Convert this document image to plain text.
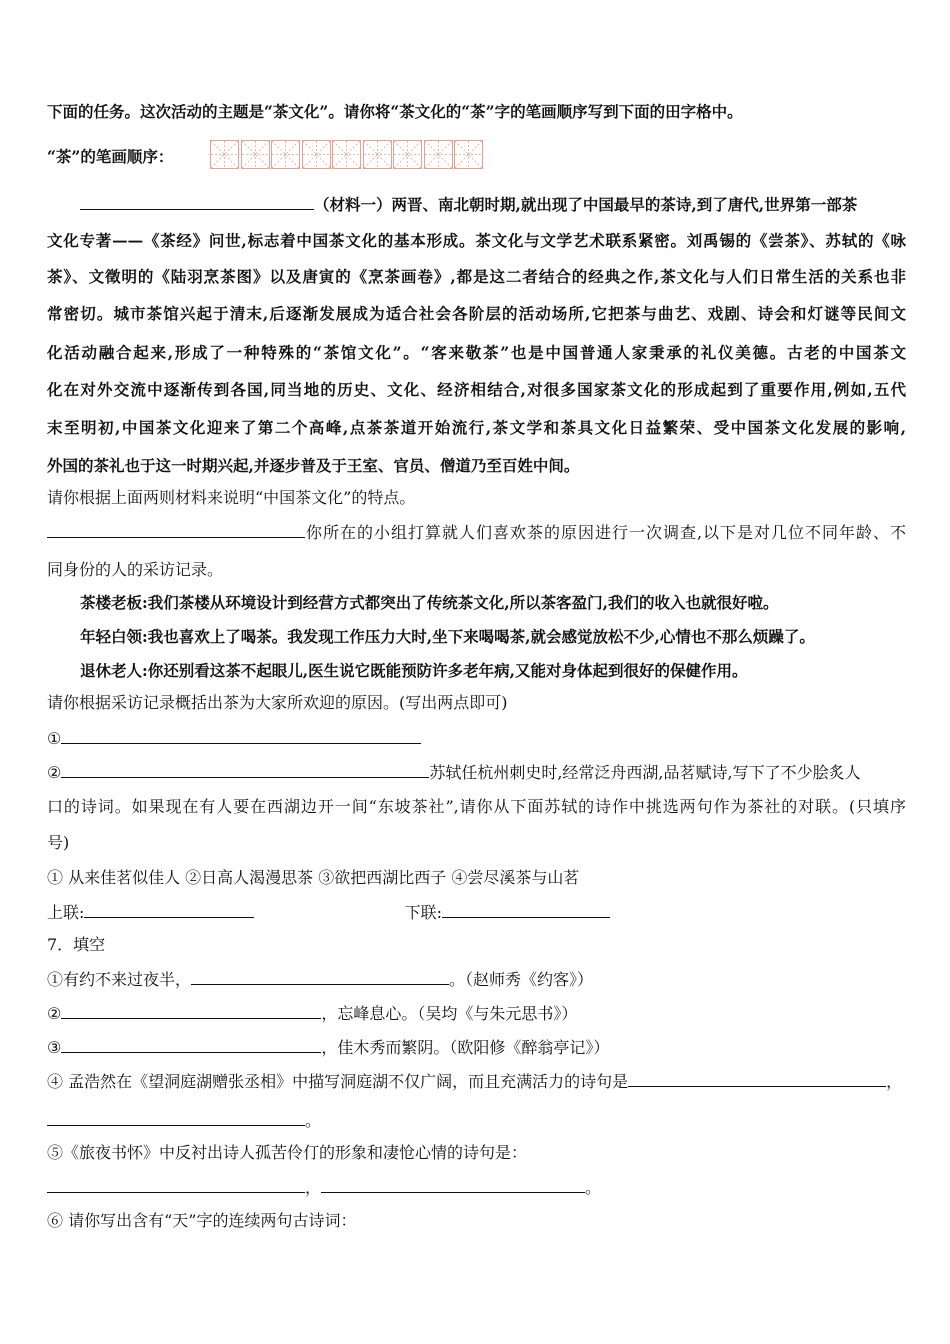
下面的任务。这次活动的主题是“茶文化”。请你将“茶文化的“茶”字的笔画顺序写到下面的田字格中。
“茶”的笔画顺序：
（材料一）两晋、南北朝时期,就出现了中国最早的茶诗,到了唐代,世界第一部茶
文化专著——《茶经》问世,标志着中国茶文化的基本形成。茶文化与文学艺术联系紧密。刘禹锡的《尝茶》、苏轼的《咏
茶》、文徵明的《陆羽烹茶图》以及唐寅的《烹茶画卷》,都是这二者结合的经典之作,茶文化与人们日常生活的关系也非
常密切。城市茶馆兴起于清末,后逐渐发展成为适合社会各阶层的活动场所,它把茶与曲艺、戏剧、诗会和灯谜等民间文
化活动融合起来,形成了一种特殊的“茶馆文化”。“客来敬茶”也是中国普通人家秉承的礼仪美德。古老的中国茶文
化在对外交流中逐渐传到各国,同当地的历史、文化、经济相结合,对很多国家茶文化的形成起到了重要作用,例如,五代
末至明初,中国茶文化迎来了第二个高峰,点茶茶道开始流行,茶文学和茶具文化日益繁荣、受中国茶文化发展的影响,
外国的茶礼也于这一时期兴起,并逐步普及于王室、官员、僧道乃至百姓中间。
请你根据上面两则材料来说明“中国茶文化”的特点。
你所在的小组打算就人们喜欢茶的原因进行一次调查,以下是对几位不同年龄、不
同身份的人的采访记录。
茶楼老板:我们茶楼从环境设计到经营方式都突出了传统茶文化,所以茶客盈门,我们的收入也就很好啦。
年轻白领:我也喜欢上了喝茶。我发现工作压力大时,坐下来喝喝茶,就会感觉放松不少,心情也不那么烦躁了。
退休老人:你还别看这茶不起眼儿,医生说它既能预防许多老年病,又能对身体起到很好的保健作用。
请你根据采访记录概括出茶为大家所欢迎的原因。(写出两点即可)
①
②	苏轼任杭州刺史时,经常泛舟西湖,品茗赋诗,写下了不少脍炙人
口的诗词。如果现在有人要在西湖边开一间“东坡茶社”,请你从下面苏轼的诗作中挑选两句作为茶社的对联。(只填序
号)
① 从来佳茗似佳人 ②日高人渴漫思茶 ③欲把西湖比西子 ④尝尽溪茶与山茗
上联:	下联:
7．填空
①有约不来过夜半，	。（赵师秀《约客》）
②	，忘峰息心。（吴均《与朱元思书》）
③	，佳木秀而繁阴。（欧阳修《醉翁亭记》）
④ 孟浩然在《望洞庭湖赠张丞相》中描写洞庭湖不仅广阔，而且充满活力的诗句是	，
。
⑤《旅夜书怀》中反衬出诗人孤苦伶仃的形象和凄怆心情的诗句是：
，	。
⑥ 请你写出含有“天”字的连续两句古诗词：
